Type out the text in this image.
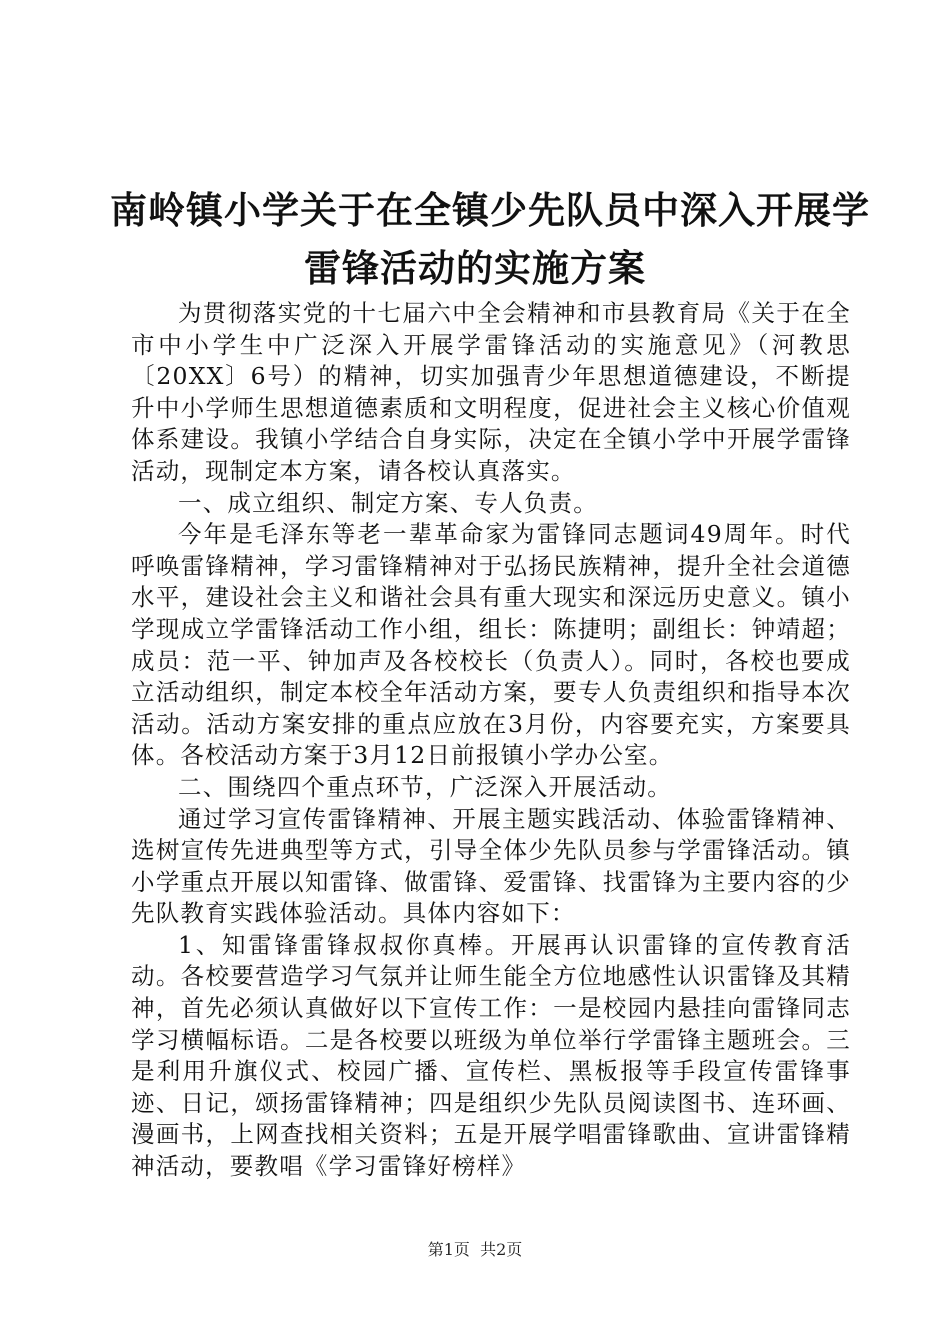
南岭镇小学关于在全镇少先队员中深入开展学
雷锋活动的实施方案

为贯彻落实党的十七届六中全会精神和市县教育局《关于在全市中小学生中广泛深入开展学雷锋活动的实施意见》（河教思〔20XX〕6号）的精神，切实加强青少年思想道德建设，不断提升中小学师生思想道德素质和文明程度，促进社会主义核心价值观体系建设。我镇小学结合自身实际，决定在全镇小学中开展学雷锋活动，现制定本方案，请各校认真落实。

一、成立组织、制定方案、专人负责。

今年是毛泽东等老一辈革命家为雷锋同志题词49周年。时代呼唤雷锋精神，学习雷锋精神对于弘扬民族精神，提升全社会道德水平，建设社会主义和谐社会具有重大现实和深远历史意义。镇小学现成立学雷锋活动工作小组，组长：陈捷明；副组长：钟靖超；成员：范一平、钟加声及各校校长（负责人）。同时，各校也要成立活动组织，制定本校全年活动方案，要专人负责组织和指导本次活动。活动方案安排的重点应放在3月份，内容要充实，方案要具体。各校活动方案于3月12日前报镇小学办公室。

二、围绕四个重点环节，广泛深入开展活动。

通过学习宣传雷锋精神、开展主题实践活动、体验雷锋精神、选树宣传先进典型等方式，引导全体少先队员参与学雷锋活动。镇小学重点开展以知雷锋、做雷锋、爱雷锋、找雷锋为主要内容的少先队教育实践体验活动。具体内容如下：

1、知雷锋雷锋叔叔你真棒。开展再认识雷锋的宣传教育活动。各校要营造学习气氛并让师生能全方位地感性认识雷锋及其精神，首先必须认真做好以下宣传工作：一是校园内悬挂向雷锋同志学习横幅标语。二是各校要以班级为单位举行学雷锋主题班会。三是利用升旗仪式、校园广播、宣传栏、黑板报等手段宣传雷锋事迹、日记，颂扬雷锋精神；四是组织少先队员阅读图书、连环画、漫画书，上网查找相关资料；五是开展学唱雷锋歌曲、宣讲雷锋精神活动，要教唱《学习雷锋好榜样》

第1页  共2页
